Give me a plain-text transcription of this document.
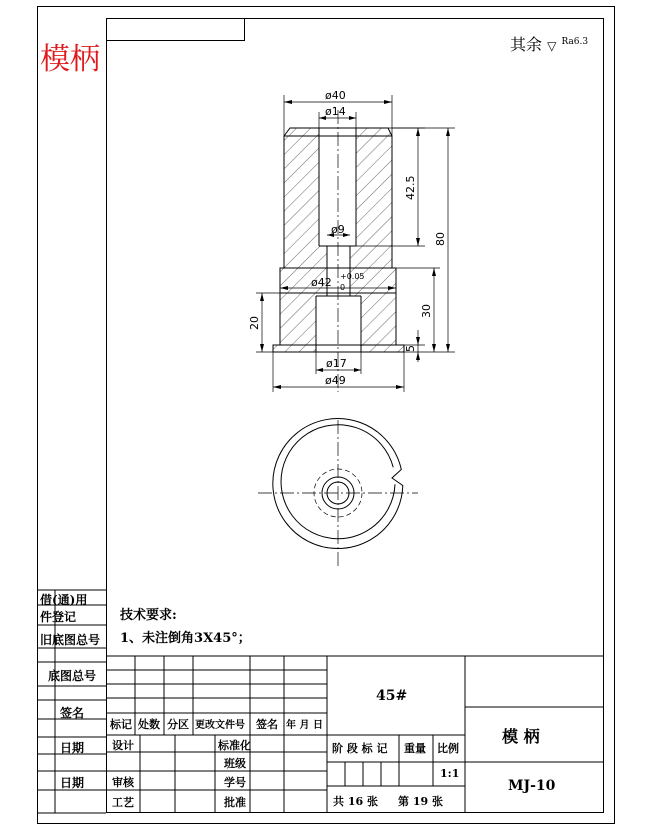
模柄	其余 ▽ $^{Ra6.3}$
ø40
ø14
ø9
ø42 +0.05
0
ø17
ø49
42.5
80
30
20
5
技术要求:
1、未注倒角3X45°；
借(通)用
件登记
旧底图总号
底图总号
签名
日期
日期
标记 处数 分区 更改文件号 签名 年 月 日
设计
审核
工艺
标准化
班级
学号
批准
45#
阶 段 标 记 重量 比例
1:1
共 16 张 第 19 张
模 柄
MJ-10
